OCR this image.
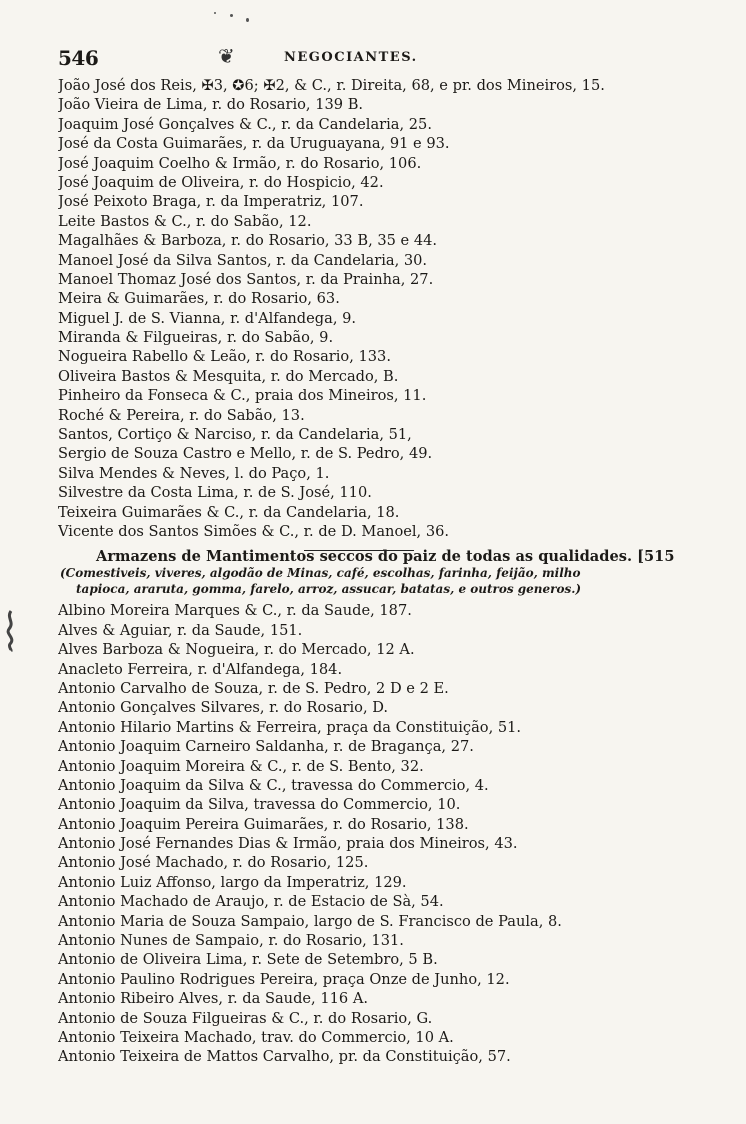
546	❦	NEGOCIANTES.
João José dos Reis, ✠3, ✪6; ✠2, & C., r. Direita, 68, e pr. dos Mineiros, 15.
João Vieira de Lima, r. do Rosario, 139 B.
Joaquim José Gonçalves & C., r. da Candelaria, 25.
José da Costa Guimarães, r. da Uruguayana, 91 e 93.
José Joaquim Coelho & Irmão, r. do Rosario, 106.
José Joaquim de Oliveira, r. do Hospicio, 42.
José Peixoto Braga, r. da Imperatriz, 107.
Leite Bastos & C., r. do Sabão, 12.
Magalhães & Barboza, r. do Rosario, 33 B, 35 e 44.
Manoel José da Silva Santos, r. da Candelaria, 30.
Manoel Thomaz José dos Santos, r. da Prainha, 27.
Meira & Guimarães, r. do Rosario, 63.
Miguel J. de S. Vianna, r. d'Alfandega, 9.
Miranda & Filgueiras, r. do Sabão, 9.
Nogueira Rabello & Leão, r. do Rosario, 133.
Oliveira Bastos & Mesquita, r. do Mercado, B.
Pinheiro da Fonseca & C., praia dos Mineiros, 11.
Roché & Pereira, r. do Sabão, 13.
Santos, Cortiço & Narciso, r. da Candelaria, 51,
Sergio de Souza Castro e Mello, r. de S. Pedro, 49.
Silva Mendes & Neves, l. do Paço, 1.
Silvestre da Costa Lima, r. de S. José, 110.
Teixeira Guimarães & C., r. da Candelaria, 18.
Vicente dos Santos Simões & C., r. de D. Manoel, 36.
Armazens de Mantimentos seccos do paiz de todas as qualidades. [515
(Comestiveis, viveres, algodão de Minas, café, escolhas, farinha, feijão, milho
tapioca, araruta, gomma, farelo, arroz, assucar, batatas, e outros generos.)
Albino Moreira Marques & C., r. da Saude, 187.
Alves & Aguiar, r. da Saude, 151.
Alves Barboza & Nogueira, r. do Mercado, 12 A.
Anacleto Ferreira, r. d'Alfandega, 184.
Antonio Carvalho de Souza, r. de S. Pedro, 2 D e 2 E.
Antonio Gonçalves Silvares, r. do Rosario, D.
Antonio Hilario Martins & Ferreira, praça da Constituição, 51.
Antonio Joaquim Carneiro Saldanha, r. de Bragança, 27.
Antonio Joaquim Moreira & C., r. de S. Bento, 32.
Antonio Joaquim da Silva & C., travessa do Commercio, 4.
Antonio Joaquim da Silva, travessa do Commercio, 10.
Antonio Joaquim Pereira Guimarães, r. do Rosario, 138.
Antonio José Fernandes Dias & Irmão, praia dos Mineiros, 43.
Antonio José Machado, r. do Rosario, 125.
Antonio Luiz Affonso, largo da Imperatriz, 129.
Antonio Machado de Araujo, r. de Estacio de Sà, 54.
Antonio Maria de Souza Sampaio, largo de S. Francisco de Paula, 8.
Antonio Nunes de Sampaio, r. do Rosario, 131.
Antonio de Oliveira Lima, r. Sete de Setembro, 5 B.
Antonio Paulino Rodrigues Pereira, praça Onze de Junho, 12.
Antonio Ribeiro Alves, r. da Saude, 116 A.
Antonio de Souza Filgueiras & C., r. do Rosario, G.
Antonio Teixeira Machado, trav. do Commercio, 10 A.
Antonio Teixeira de Mattos Carvalho, pr. da Constituição, 57.
